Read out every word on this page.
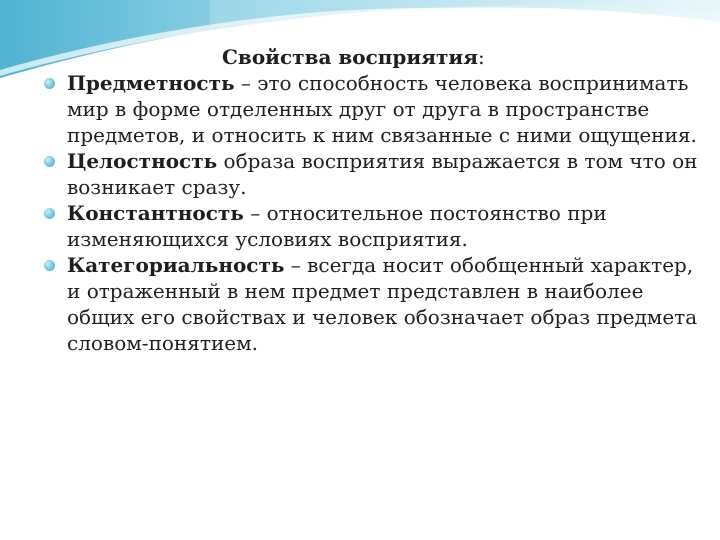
Свойства восприятия:
Предметность – это способность человека воспринимать мир в форме отделенных друг от друга в пространстве предметов, и относить к ним связанные с ними ощущения.
Целостность образа восприятия выражается в том что он возникает сразу.
Константность – относительное постоянство при изменяющихся условиях восприятия.
Категориальность – всегда носит обобщенный характер, и отраженный в нем предмет представлен в наиболее общих его свойствах и человек обозначает образ предмета словом-понятием.
